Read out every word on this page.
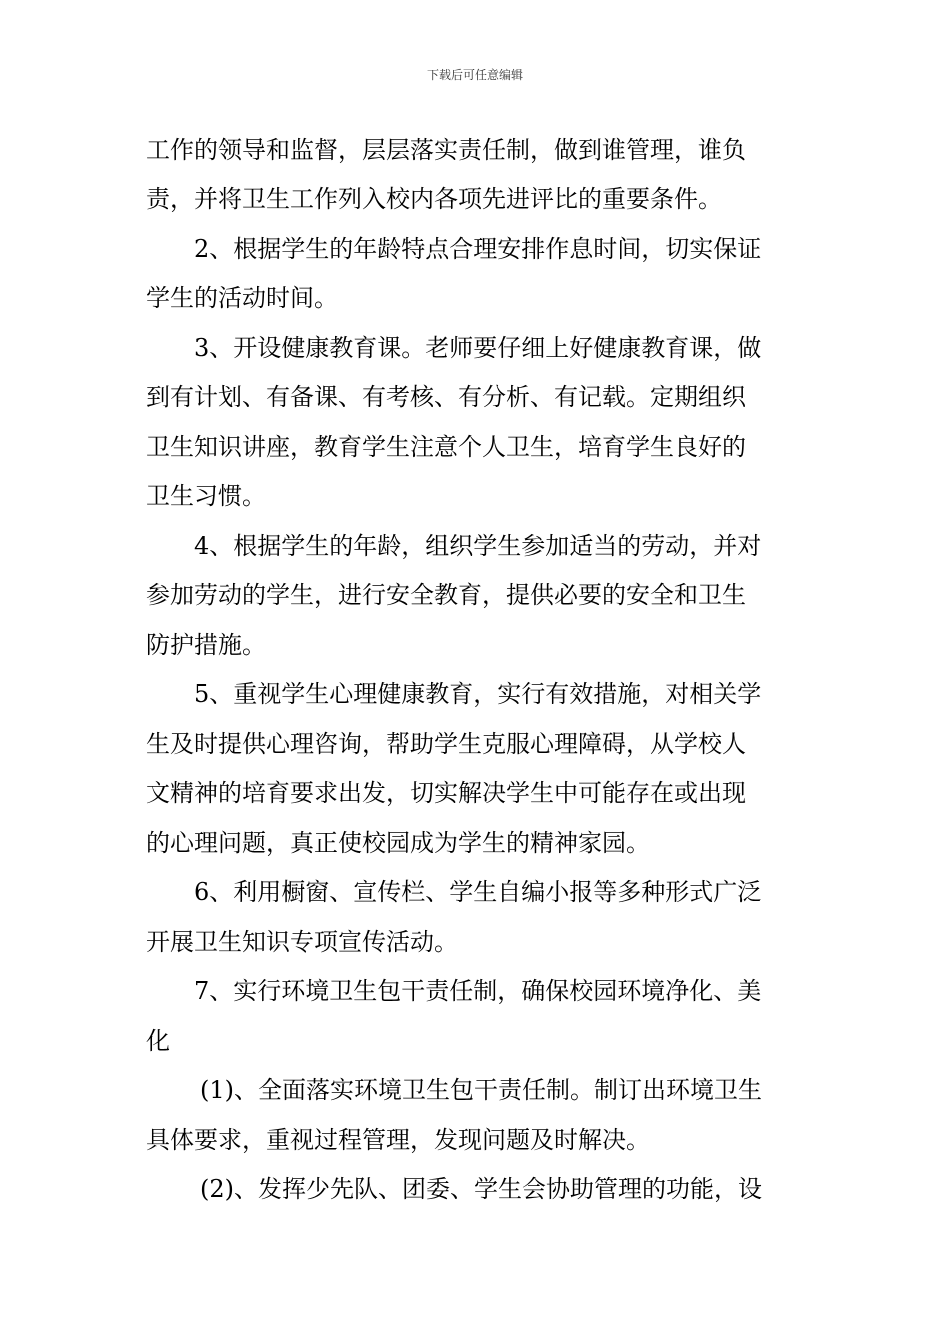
下载后可任意编辑
工作的领导和监督，层层落实责任制，做到谁管理，谁负
责，并将卫生工作列入校内各项先进评比的重要条件。
2、根据学生的年龄特点合理安排作息时间，切实保证
学生的活动时间。
3、开设健康教育课。老师要仔细上好健康教育课，做
到有计划、有备课、有考核、有分析、有记载。定期组织
卫生知识讲座，教育学生注意个人卫生，培育学生良好的
卫生习惯。
4、根据学生的年龄，组织学生参加适当的劳动，并对
参加劳动的学生，进行安全教育，提供必要的安全和卫生
防护措施。
5、重视学生心理健康教育，实行有效措施，对相关学
生及时提供心理咨询，帮助学生克服心理障碍，从学校人
文精神的培育要求出发，切实解决学生中可能存在或出现
的心理问题，真正使校园成为学生的精神家园。
6、利用橱窗、宣传栏、学生自编小报等多种形式广泛
开展卫生知识专项宣传活动。
7、实行环境卫生包干责任制，确保校园环境净化、美
化
(1)、全面落实环境卫生包干责任制。制订出环境卫生
具体要求，重视过程管理，发现问题及时解决。
(2)、发挥少先队、团委、学生会协助管理的功能，设
